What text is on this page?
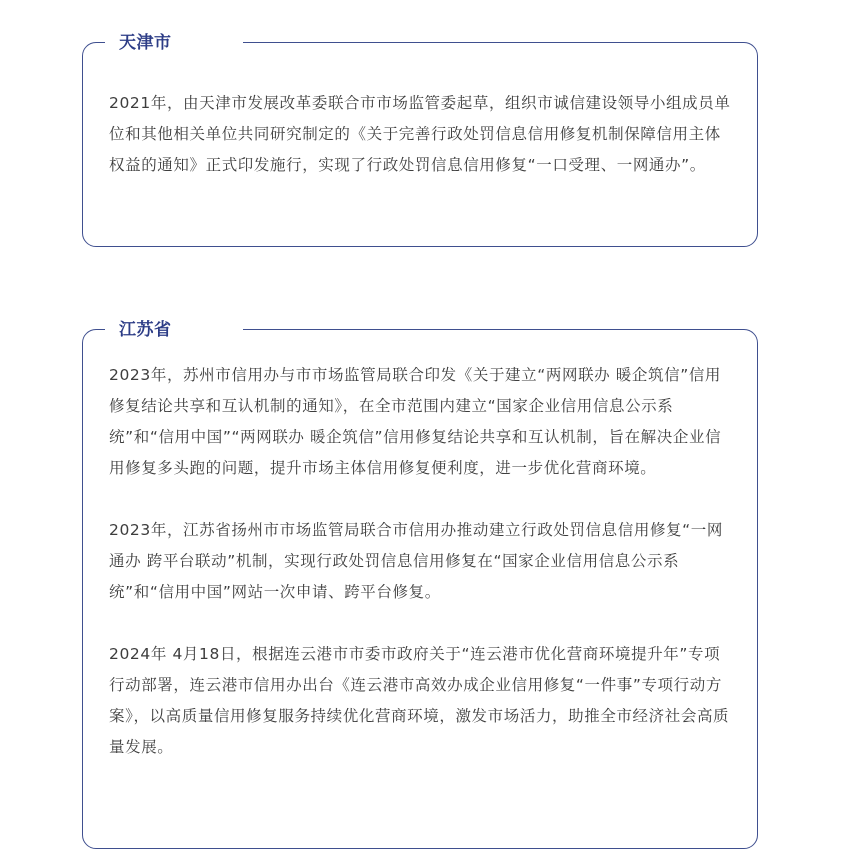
天津市

2021年，由天津市发展改革委联合市市场监管委起草，组织市诚信建设领导小组成员单位和其他相关单位共同研究制定的《关于完善行政处罚信息信用修复机制保障信用主体权益的通知》正式印发施行，实现了行政处罚信息信用修复“一口受理、一网通办”。

江苏省

2023年，苏州市信用办与市市场监管局联合印发《关于建立“两网联办 暖企筑信”信用修复结论共享和互认机制的通知》，在全市范围内建立“国家企业信用信息公示系统”和“信用中国”“两网联办 暖企筑信”信用修复结论共享和互认机制，旨在解决企业信用修复多头跑的问题，提升市场主体信用修复便利度，进一步优化营商环境。

2023年，江苏省扬州市市场监管局联合市信用办推动建立行政处罚信息信用修复“一网通办 跨平台联动”机制，实现行政处罚信息信用修复在“国家企业信用信息公示系统”和“信用中国”网站一次申请、跨平台修复。

2024年 4月18日，根据连云港市市委市政府关于“连云港市优化营商环境提升年”专项行动部署，连云港市信用办出台《连云港市高效办成企业信用修复“一件事”专项行动方案》，以高质量信用修复服务持续优化营商环境，激发市场活力，助推全市经济社会高质量发展。
